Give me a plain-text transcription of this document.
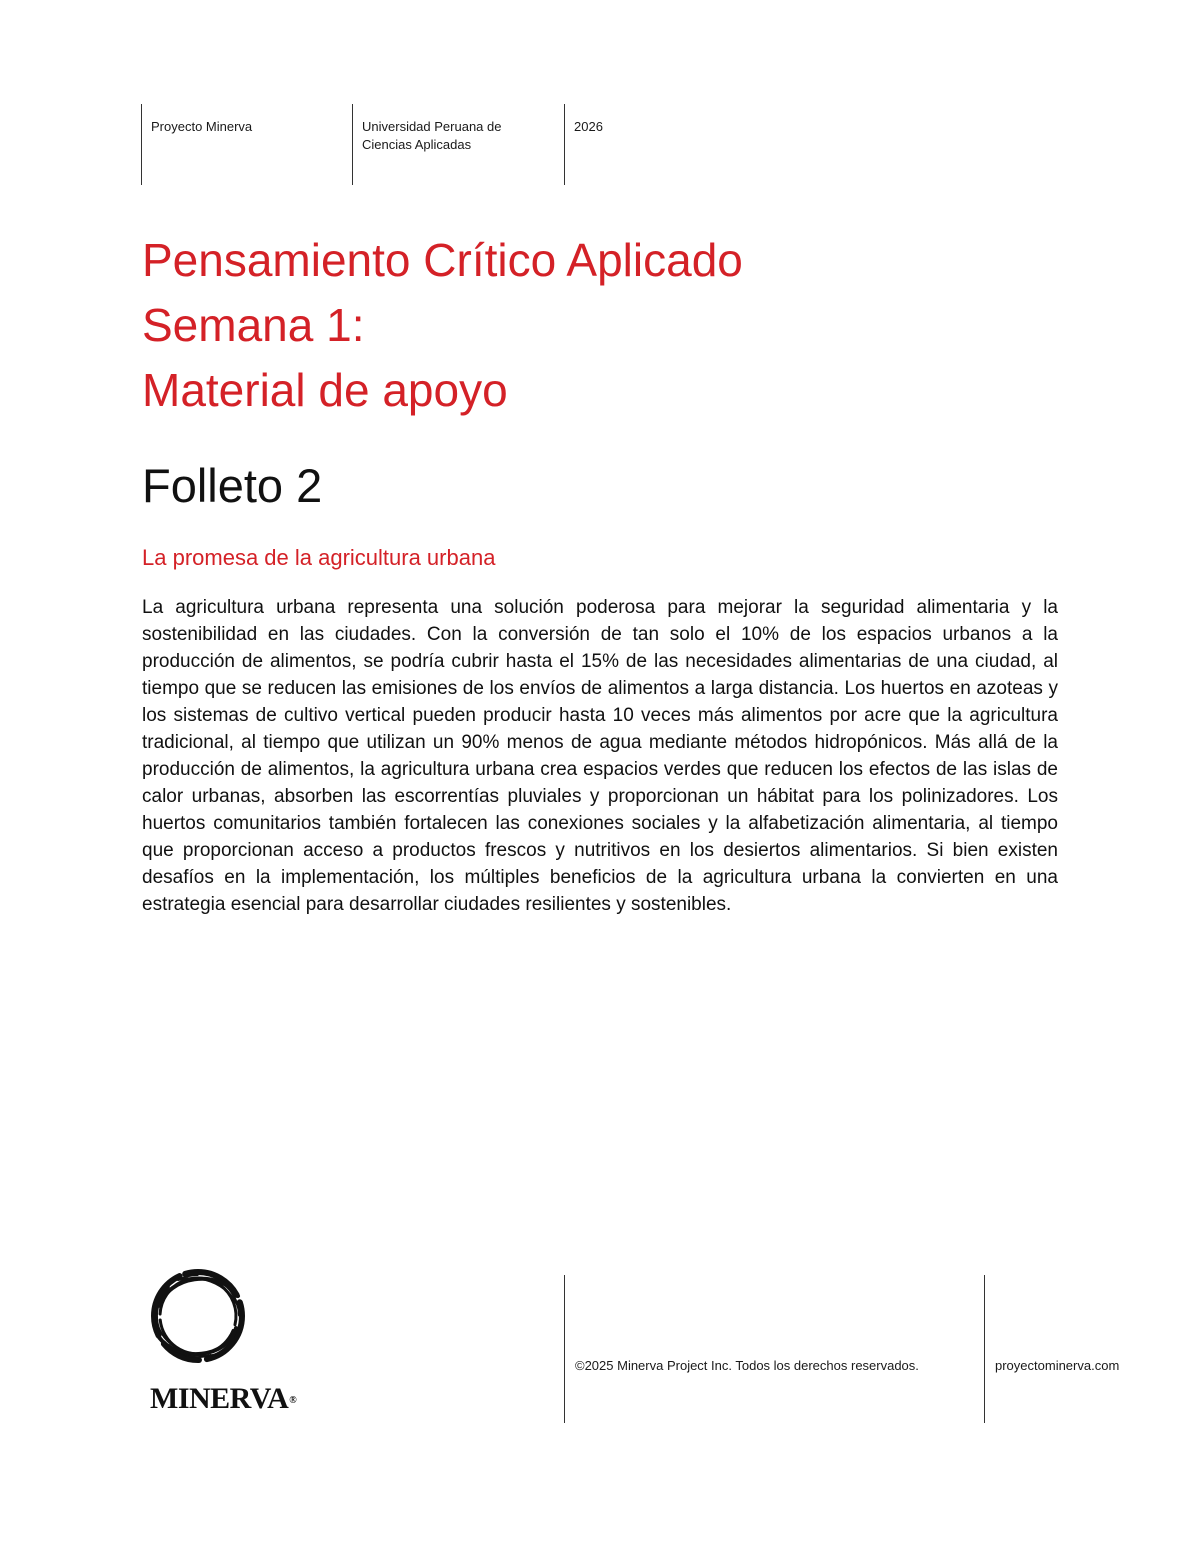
Proyecto Minerva	Universidad Peruana de
Ciencias Aplicadas
2026
Pensamiento Crítico Aplicado
Semana 1:
Material de apoyo
Folleto 2
La promesa de la agricultura urbana

La agricultura urbana representa una solución poderosa para mejorar la seguridad alimentaria y la sostenibilidad en las ciudades. Con la conversión de tan solo el 10% de los espacios urbanos a la producción de alimentos, se podría cubrir hasta el 15% de las necesidades alimentarias de una ciudad, al tiempo que se reducen las emisiones de los envíos de alimentos a larga distancia. Los huertos en azoteas y los sistemas de cultivo vertical pueden producir hasta 10 veces más alimentos por acre que la agricultura tradicional, al tiempo que utilizan un 90% menos de agua mediante métodos hidropónicos. Más allá de la producción de alimentos, la agricultura urbana crea espacios verdes que reducen los efectos de las islas de calor urbanas, absorben las escorrentías pluviales y proporcionan un hábitat para los polinizadores. Los huertos comunitarios también fortalecen las conexiones sociales y la alfabetización alimentaria, al tiempo que proporcionan acceso a productos frescos y nutritivos en los desiertos alimentarios. Si bien existen desafíos en la implementación, los múltiples beneficios de la agricultura urbana la convierten en una estrategia esencial para desarrollar ciudades resilientes y sostenibles.

MINERVA®
©2025 Minerva Project Inc. Todos los derechos reservados.	proyectominerva.com
